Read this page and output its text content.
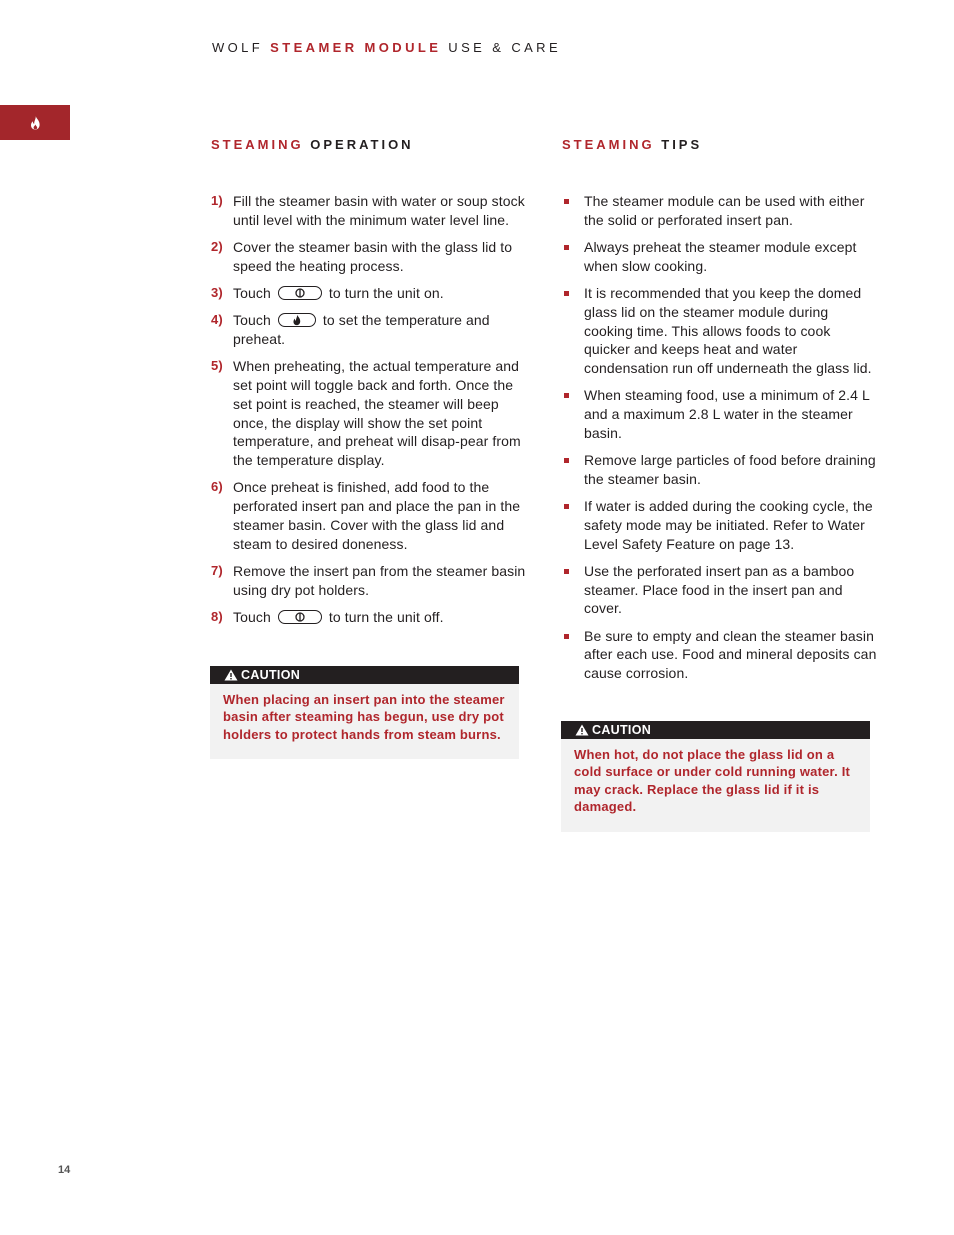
WOLF STEAMER MODULE USE & CARE
STEAMING OPERATION
1) Fill the steamer basin with water or soup stock until level with the minimum water level line.
2) Cover the steamer basin with the glass lid to speed the heating process.
3) Touch	to turn the unit on.
4) Touch	to set the temperature and preheat.
5) When preheating, the actual temperature and set point will toggle back and forth. Once the set point is reached, the steamer will beep once, the display will show the set point temperature, and preheat will disap-pear from the temperature display.
6) Once preheat is finished, add food to the perforated insert pan and place the pan in the steamer basin. Cover with the glass lid and steam to desired doneness.
7) Remove the insert pan from the steamer basin using dry pot holders.
8) Touch	to turn the unit off.
CAUTION
When placing an insert pan into the steamer basin after steaming has begun, use dry pot holders to protect hands from steam burns.
STEAMING TIPS
The steamer module can be used with either the solid or perforated insert pan.
Always preheat the steamer module except when slow cooking.
It is recommended that you keep the domed glass lid on the steamer module during cooking time. This allows foods to cook quicker and keeps heat and water condensation run off underneath the glass lid.
When steaming food, use a minimum of 2.4 L and a maximum 2.8 L water in the steamer basin.
Remove large particles of food before draining the steamer basin.
If water is added during the cooking cycle, the safety mode may be initiated. Refer to Water Level Safety Feature on page 13.
Use the perforated insert pan as a bamboo steamer. Place food in the insert pan and cover.
Be sure to empty and clean the steamer basin after each use. Food and mineral deposits can cause corrosion.
CAUTION
When hot, do not place the glass lid on a cold surface or under cold running water. It may crack. Replace the glass lid if it is damaged.
14
